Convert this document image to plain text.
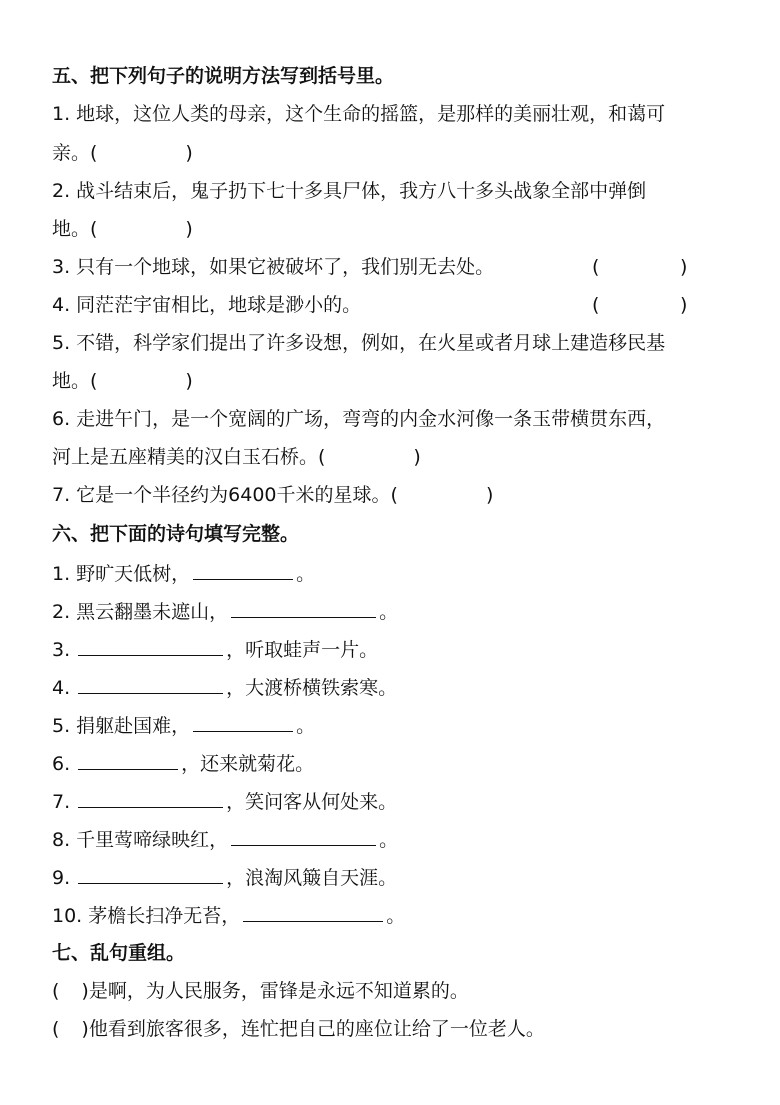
五、把下列句子的说明方法写到括号里。
1. 地球，这位人类的母亲，这个生命的摇篮，是那样的美丽壮观，和蔼可
亲。(	)
2. 战斗结束后，鬼子扔下七十多具尸体，我方八十多头战象全部中弹倒
地。(	)
3. 只有一个地球，如果它被破坏了，我们别无去处。	(	)
4. 同茫茫宇宙相比，地球是渺小的。	(	)
5. 不错，科学家们提出了许多设想，例如，在火星或者月球上建造移民基
地。(	)
6. 走进午门，是一个宽阔的广场，弯弯的内金水河像一条玉带横贯东西，
河上是五座精美的汉白玉石桥。(	)
7. 它是一个半径约为6400千米的星球。(	)
六、把下面的诗句填写完整。
1. 野旷天低树，	。
2. 黑云翻墨未遮山，	。
3.	，听取蛙声一片。
4.	，大渡桥横铁索寒。
5. 捐躯赴国难，	。
6.	，还来就菊花。
7.	，笑问客从何处来。
8. 千里莺啼绿映红，	。
9.	，浪淘风簸自天涯。
10. 茅檐长扫净无苔，	。
七、乱句重组。
( )是啊，为人民服务，雷锋是永远不知道累的。
( )他看到旅客很多，连忙把自己的座位让给了一位老人。
